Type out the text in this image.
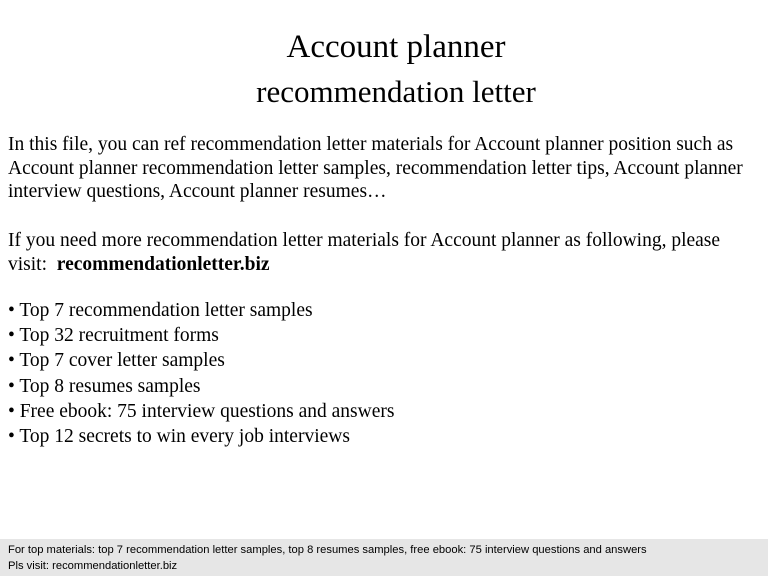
Account planner
recommendation letter

In this file, you can ref recommendation letter materials for Account planner position such as Account planner recommendation letter samples, recommendation letter tips, Account planner interview questions, Account planner resumes…

If you need more recommendation letter materials for Account planner as following, please visit: recommendationletter.biz

• Top 7 recommendation letter samples
• Top 32 recruitment forms
• Top 7 cover letter samples
• Top 8 resumes samples
• Free ebook: 75 interview questions and answers
• Top 12 secrets to win every job interviews
For top materials: top 7 recommendation letter samples, top 8 resumes samples, free ebook: 75 interview questions and answers
Pls visit: recommendationletter.biz
